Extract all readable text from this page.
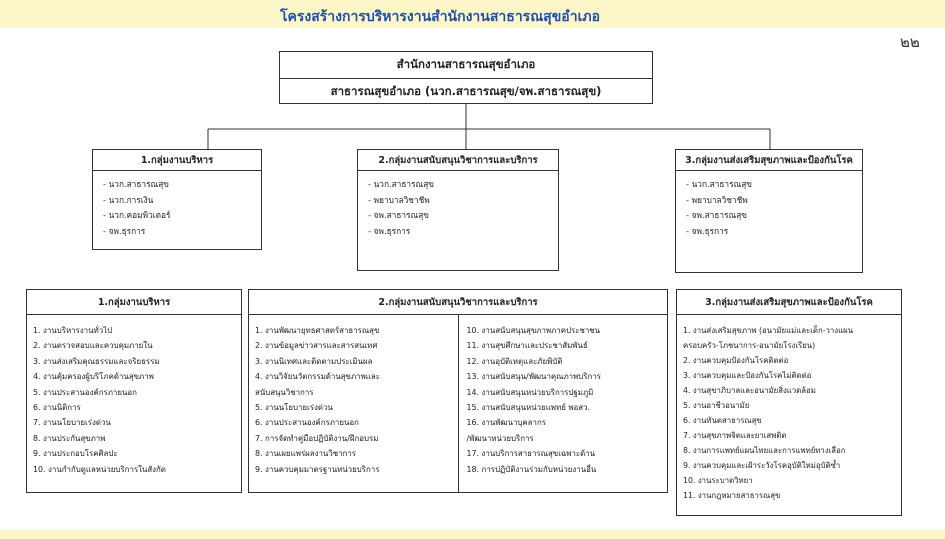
โครงสร้างการบริหารงานสำนักงานสาธารณสุขอำเภอ
๒๒
สำนักงานสาธารณสุขอำเภอ
สาธารณสุขอำเภอ (นวก.สาธารณสุข/จพ.สาธารณสุข)
1.กลุ่มงานบริหาร
- นวก.สาธารณสุข
- นวก.การเงิน
- นวก.คอมพิวเตอร์
- จพ.ธุรการ
2.กลุ่มงานสนับสนุนวิชาการและบริการ
- นวก.สาธารณสุข
- พยาบาลวิชาชีพ
- จพ.สาธารณสุข
- จพ.ธุรการ
3.กลุ่มงานส่งเสริมสุขภาพและป้องกันโรค
- นวก.สาธารณสุข
- พยาบาลวิชาชีพ
- จพ.สาธารณสุข
- จพ.ธุรการ
1.กลุ่มงานบริหาร
1. งานบริหารงานทั่วไป
2. งานตรวจสอบและควบคุมภายใน
3. งานส่งเสริมคุณธรรมและจริยธรรม
4. งานคุ้มครองผู้บริโภคด้านสุขภาพ
5. งานประสานองค์กรภายนอก
6. งานนิติการ
7. งานนโยบายเร่งด่วน
8. งานประกันสุขภาพ
9. งานประกอบโรคศิลปะ
10. งานกำกับดูแลหน่วยบริการในสังกัด
2.กลุ่มงานสนับสนุนวิชาการและบริการ
1. งานพัฒนายุทธศาสตร์สาธารณสุข
2. งานข้อมูลข่าวสารและสารสนเทศ
3. งานนิเทศและติดตามประเมินผล
4. งานวิจัยนวัตกรรมด้านสุขภาพและ
สนับสนุนวิชาการ
5. งานนโยบายเร่งด่วน
6. งานประสานองค์กรภายนอก
7. การจัดทำคู่มือปฏิบัติงาน/ฝึกอบรม
8. งานเผยแพร่ผลงานวิชาการ
9. งานควบคุมมาตรฐานหน่วยบริการ
10. งานสนับสนุนสุขภาพภาคประชาชน
11. งานสุขศึกษาและประชาสัมพันธ์
12. งานอุบัติเหตุและภัยพิบัติ
13. งานสนับสนุน/พัฒนาคุณภาพบริการ
14. งานสนับสนุนหน่วยบริการปฐมภูมิ
15. งานสนับสนุนหน่วยแพทย์ พอสว.
16. งานพัฒนาบุคลากร
/พัฒนาหน่วยบริการ
17. งานบริการสาธารณสุขเฉพาะด้าน
18. การปฏิบัติงานร่วมกับหน่วยงานอื่น
3.กลุ่มงานส่งเสริมสุขภาพและป้องกันโรค
1. งานส่งเสริมสุขภาพ (อนามัยแม่และเด็ก-วางแผน
ครอบครัว-โภชนาการ-อนามัยโรงเรียน)
2. งานควบคุมป้องกันโรคติดต่อ
3. งานควบคุมและป้องกันโรคไม่ติดต่อ
4. งานสุขาภิบาลและอนามัยสิ่งแวดล้อม
5. งานอาชีวอนามัย
6. งานทันตสาธารณสุข
7. งานสุขภาพจิตและยาเสพติด
8. งานการแพทย์แผนไทยและการแพทย์ทางเลือก
9. งานควบคุมและเฝ้าระวังโรคอุบัติใหม่อุบัติซ้ำ
10. งานระบาดวิทยา
11. งานกฎหมายสาธารณสุข
